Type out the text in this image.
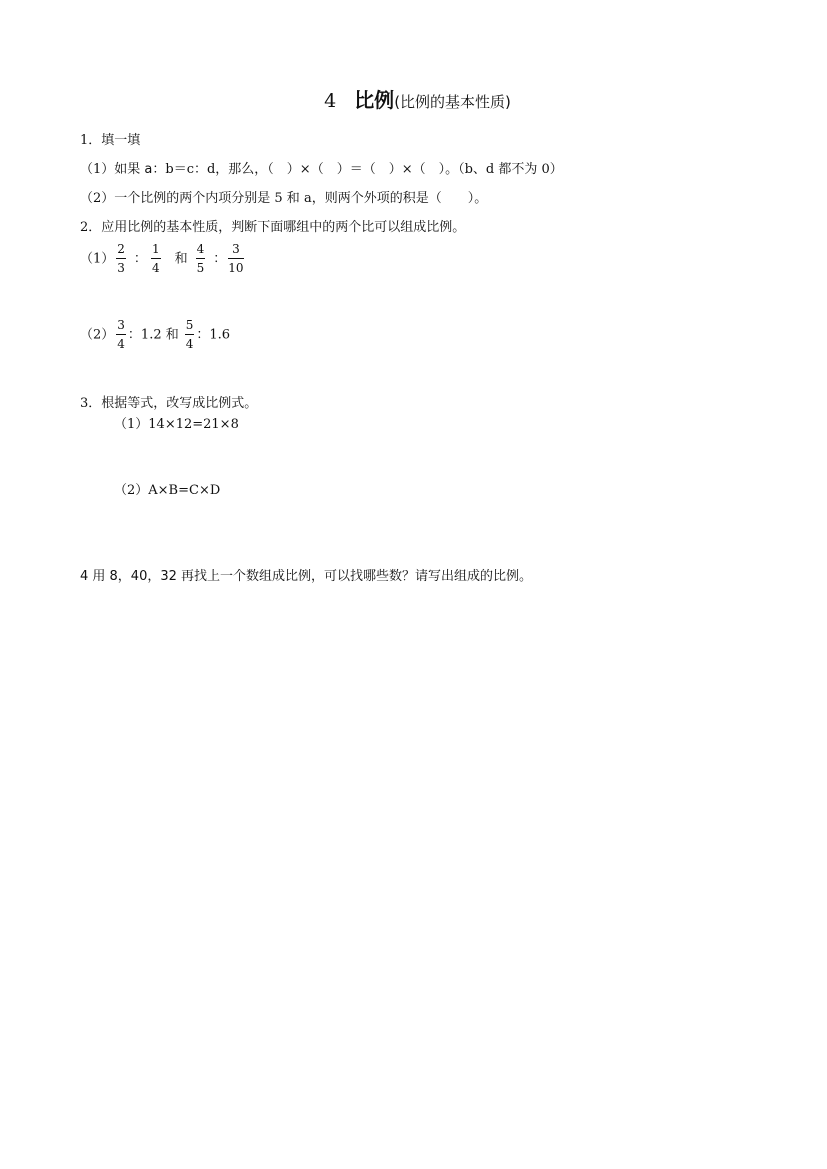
4 比例(比例的基本性质)
1．填一填
（1）如果 a：b＝c：d，那么，（　）×（　）＝（　）×（　）。（b、d 都不为 0）
（2）一个比例的两个内项分别是 5 和 a，则两个外项的积是（　　）。
2．应用比例的基本性质，判断下面哪组中的两个比可以组成比例。
$(1) \frac{2}{3}$ ： $\frac{1}{4}$ 和 $\frac{4}{5}$ ： $\frac{3}{10}$
$(2) \frac{3}{4}$ ：1.2 和 $\frac{5}{4}$ ：1.6
3．根据等式，改写成比例式。
（1）14×12=21×8
（2）A×B=C×D
4 用 8，40，32 再找上一个数组成比例，可以找哪些数？请写出组成的比例。
